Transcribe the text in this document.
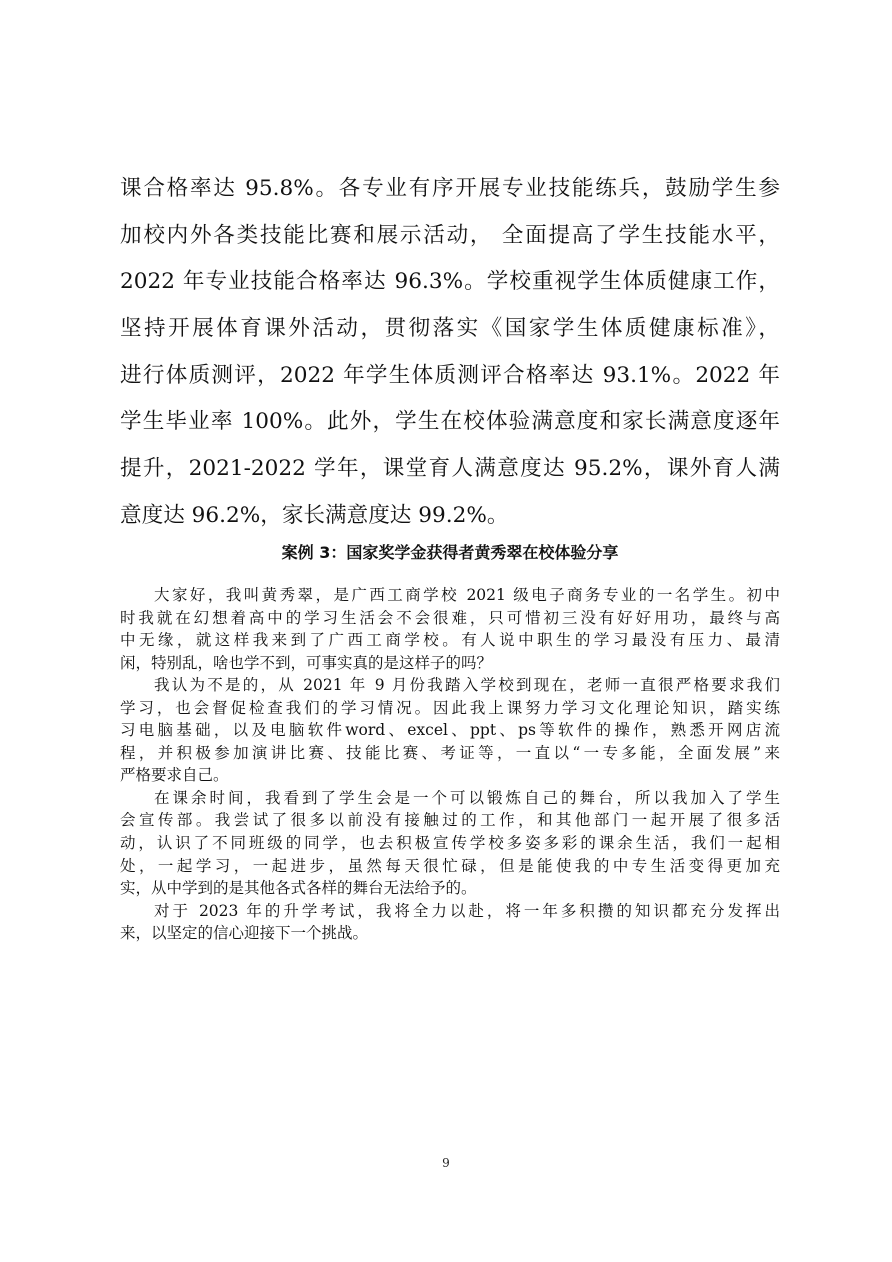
课合格率达 95.8%。各专业有序开展专业技能练兵，鼓励学生参
加校内外各类技能比赛和展示活动， 全面提高了学生技能水平，
2022 年专业技能合格率达 96.3%。学校重视学生体质健康工作，
坚持开展体育课外活动，贯彻落实《国家学生体质健康标准》，
进行体质测评，2022 年学生体质测评合格率达 93.1%。2022 年
学生毕业率 100%。此外，学生在校体验满意度和家长满意度逐年
提升，2021-2022 学年，课堂育人满意度达 95.2%，课外育人满
意度达 96.2%，家长满意度达 99.2%。
案例 3：国家奖学金获得者黄秀翠在校体验分享
大家好，我叫黄秀翠，是广西工商学校 2021 级电子商务专业的一名学生。初中
时我就在幻想着高中的学习生活会不会很难，只可惜初三没有好好用功，最终与高
中无缘，就这样我来到了广西工商学校。有人说中职生的学习最没有压力、最清
闲，特别乱，啥也学不到，可事实真的是这样子的吗？
我认为不是的，从 2021 年 9 月份我踏入学校到现在，老师一直很严格要求我们
学习，也会督促检查我们的学习情况。因此我上课努力学习文化理论知识，踏实练
习电脑基础，以及电脑软件word、excel、ppt、ps等软件的操作，熟悉开网店流
程，并积极参加演讲比赛、技能比赛、考证等，一直以“一专多能，全面发展”来
严格要求自己。
在课余时间，我看到了学生会是一个可以锻炼自己的舞台，所以我加入了学生
会宣传部。我尝试了很多以前没有接触过的工作，和其他部门一起开展了很多活
动，认识了不同班级的同学，也去积极宣传学校多姿多彩的课余生活，我们一起相
处，一起学习，一起进步，虽然每天很忙碌，但是能使我的中专生活变得更加充
实，从中学到的是其他各式各样的舞台无法给予的。
对于 2023 年的升学考试，我将全力以赴，将一年多积攒的知识都充分发挥出
来，以坚定的信心迎接下一个挑战。
9
